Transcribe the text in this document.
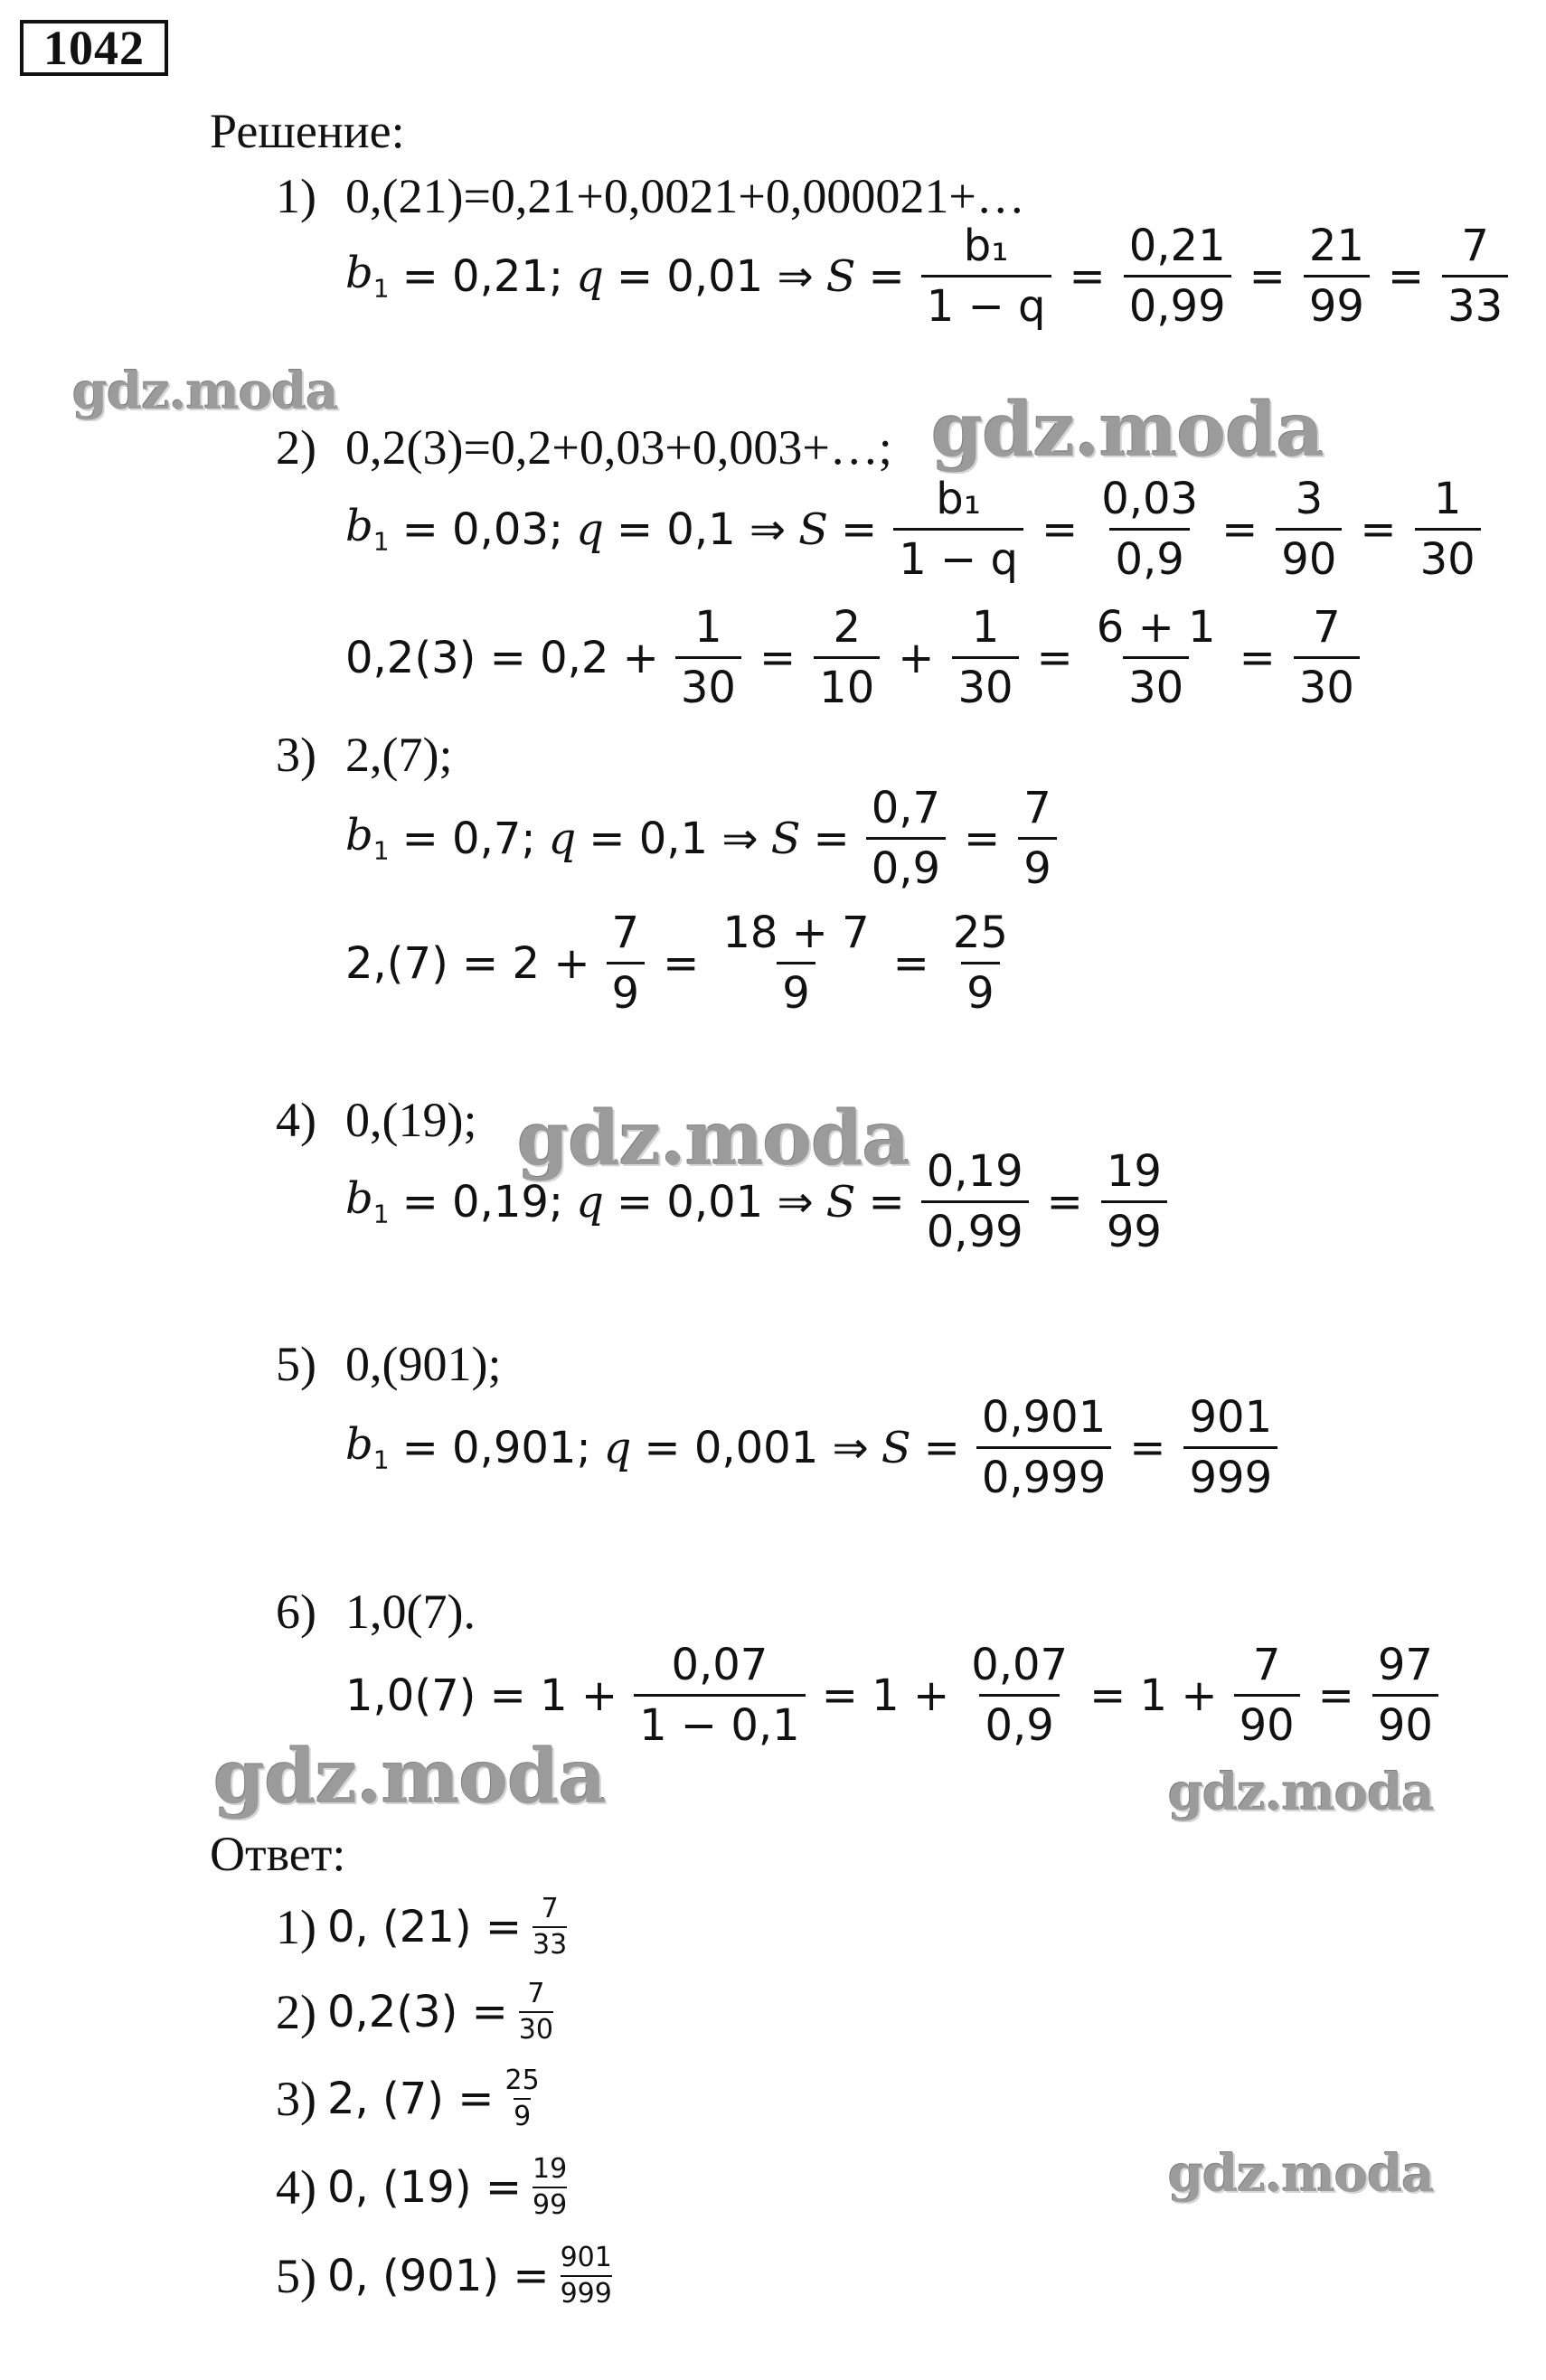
1042
Решение:
1) 0,(21)=0,21+0,0021+0,000021+…
$b_1 = 0,21$; q = 0,01 ⇒ $S = \frac{\text{b₁}}{1 - q} = \frac{0,21}{0,99} = \frac{21}{99} = \frac{7}{33}$
2) 0,2(3)=0,2+0,03+0,003+…;
$b_1 = 0,03$; q = 0,1 ⇒ $S = \frac{\text{b₁}}{1 - q} = \frac{0,03}{0,9} = \frac{3}{90} = \frac{1}{30}$
$0,2(3) = 0,2 + \frac{1}{30} = \frac{2}{10} + \frac{1}{30} = \frac{6 + 1}{30} = \frac{7}{30}$
3) 2,(7);
$b_1 = 0,7$; q = 0,1 ⇒ $S = \frac{0,7}{0,9} = \frac{7}{9}$
$2,(7) = 2 + \frac{7}{9} = \frac{18 + 7}{9} = \frac{25}{9}$
4) 0,(19);
$b_1 = 0,19$; q = 0,01 ⇒ $S = \frac{0,19}{0,99} = \frac{19}{99}$
5) 0,(901);
$b_1 = 0,901$; q = 0,001 ⇒ $S = \frac{0,901}{0,999} = \frac{901}{999}$
6) 1,0(7).
$1,0(7) = 1 + \frac{0,07}{1 - 0,1} = 1 + \frac{0,07}{0,9} = 1 + \frac{7}{90} = \frac{97}{90}$
Ответ:
1) 0, $(21) = \frac{7}{33}$
2) $0,2(3) = \frac{7}{30}$
3) 2, $(7) = \frac{25}{9}$
4) 0, $(19) = \frac{19}{99}$
5) 0, $(901) = \frac{901}{999}$
gdz.moda	gdz.moda
gdz.moda
gdz.moda	gdz.moda
gdz.moda
